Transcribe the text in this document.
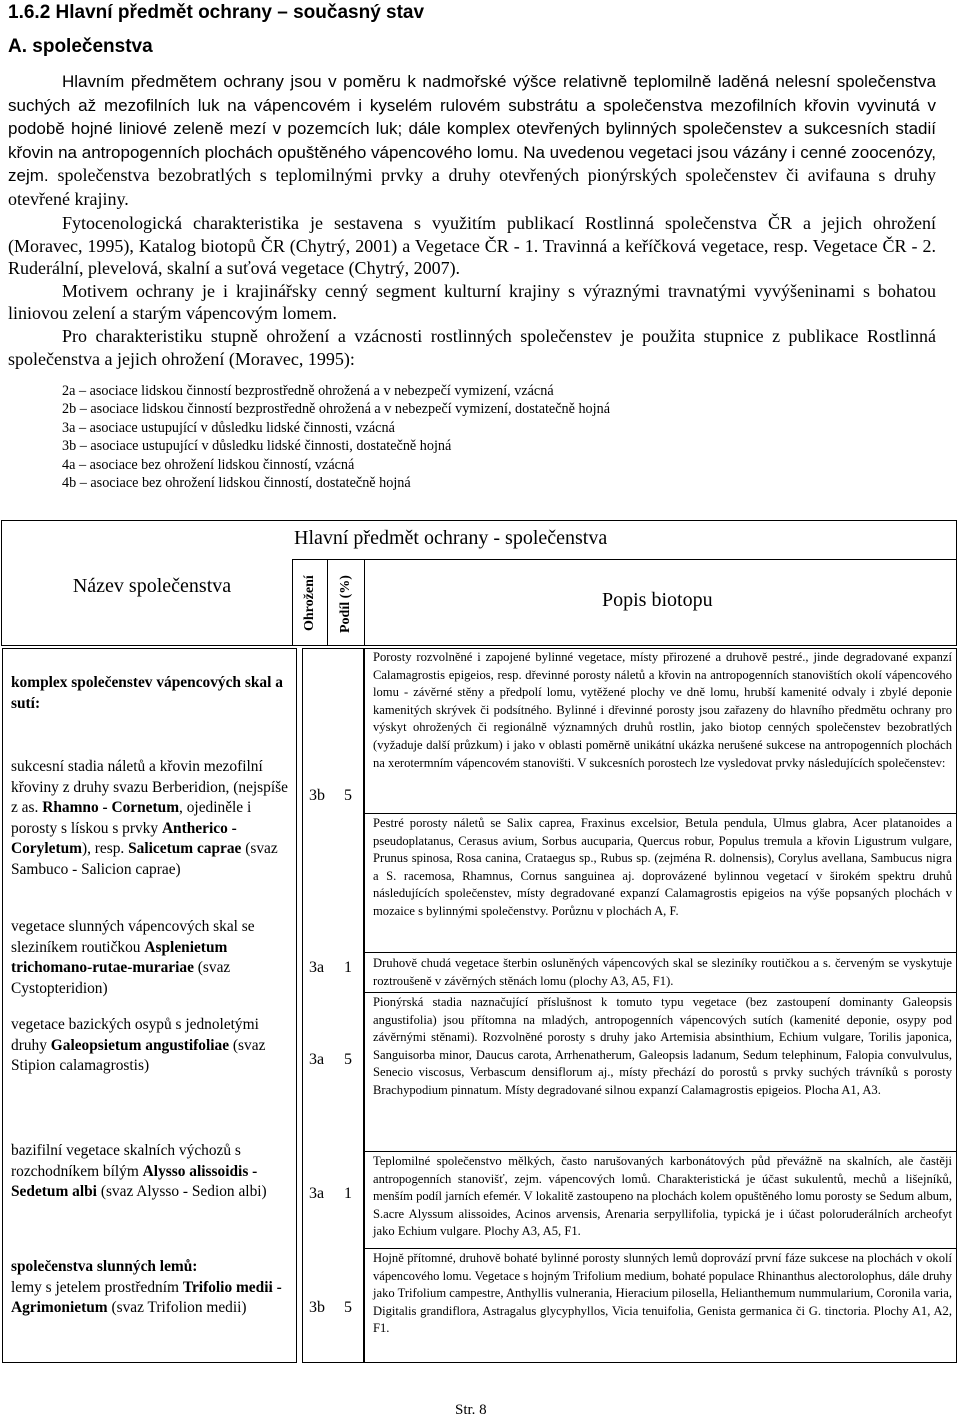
1.6.2 Hlavní předmět ochrany – současný stav
A. společenstva

Hlavním předmětem ochrany jsou v poměru k nadmořské výšce relativně teplomilně laděná nelesní společenstva suchých až mezofilních luk na vápencovém i kyselém rulovém substrátu a společenstva mezofilních křovin vyvinutá v podobě hojné liniové zeleně mezí v pozemcích luk; dále komplex otevřených bylinných společenstev a sukcesních stadií křovin na antropogenních plochách opuštěného vápencového lomu. Na uvedenou vegetaci jsou vázány i cenné zoocenózy, zejm. společenstva bezobratlých s teplomilnými prvky a druhy otevřených pionýrských společenstev či avifauna s druhy otevřené krajiny.

Fytocenologická charakteristika je sestavena s využitím publikací Rostlinná společenstva ČR a jejich ohrožení (Moravec, 1995), Katalog biotopů ČR (Chytrý, 2001) a Vegetace ČR - 1. Travinná a keříčková vegetace, resp. Vegetace ČR - 2. Ruderální, plevelová, skalní a suťová vegetace (Chytrý, 2007).

Motivem ochrany je i krajinářsky cenný segment kulturní krajiny s výraznými travnatými vyvýšeninami s bohatou liniovou zelení a starým vápencovým lomem.

Pro charakteristiku stupně ohrožení a vzácnosti rostlinných společenstev je použita stupnice z publikace Rostlinná společenstva a jejich ohrožení (Moravec, 1995):

2a – asociace lidskou činností bezprostředně ohrožená a v nebezpečí vymizení, vzácná
2b – asociace lidskou činností bezprostředně ohrožená a v nebezpečí vymizení, dostatečně hojná
3a – asociace ustupující v důsledku lidské činnosti, vzácná
3b – asociace ustupující v důsledku lidské činnosti, dostatečně hojná
4a – asociace bez ohrožení lidskou činností, vzácná
4b – asociace bez ohrožení lidskou činností, dostatečně hojná
Hlavní předmět ochrany - společenstva
Název společenstva	Ohrožení Podíl (%)	Popis biotopu
komplex společenstev vápencových skal a sutí:
sukcesní stadia náletů a křovin mezofilní křoviny z druhy svazu Berberidion, (nejspíše z as. Rhamno - Cornetum, ojediněle i porosty s lískou s prvky Antherico - Coryletum), resp. Salicetum caprae (svaz Sambuco - Salicion caprae)
vegetace slunných vápencových skal se sleziníkem routičkou Asplenietum trichomano-rutae-murariae (svaz Cystopteridion)
vegetace bazických osypů s jednoletými druhy Galeopsietum angustifoliae (svaz Stipion calamagrostis)
bazifilní vegetace skalních výchozů s rozchodníkem bílým Alysso alissoidis - Sedetum albi (svaz Alysso - Sedion albi)
společenstva slunných lemů:
lemy s jetelem prostředním Trifolio medii - Agrimonietum (svaz Trifolion medii)
3b 5
3a 1
3a 5
3a 1
3b 5
Porosty rozvolněné i zapojené bylinné vegetace, místy přirozené a druhově pestré., jinde degradované expanzí Calamagrostis epigeios, resp. dřevinné porosty náletů a křovin na antropogenních stanovištích okolí vápencového lomu - závěrné stěny a předpolí lomu, vytěžené plochy ve dně lomu, hrubší kamenité odvaly i zbylé deponie kamenitých skrývek či podsítného. Bylinné i dřevinné porosty jsou zařazeny do hlavního předmětu ochrany pro výskyt ohrožených či regionálně významných druhů rostlin, jako biotop cenných společenstev bezobratlých (vyžaduje další průzkum) i jako v oblasti poměrně unikátní ukázka nerušené sukcese na antropogenních plochách na xerotermním vápencovém stanovišti. V sukcesních porostech lze vysledovat prvky následujících společenstev:
Pestré porosty náletů se Salix caprea, Fraxinus excelsior, Betula pendula, Ulmus glabra, Acer platanoides a pseudoplatanus, Cerasus avium, Sorbus aucuparia, Quercus robur, Populus tremula a křovin Ligustrum vulgare, Prunus spinosa, Rosa canina, Crataegus sp., Rubus sp. (zejména R. dolnensis), Corylus avellana, Sambucus nigra a S. racemosa, Rhamnus, Cornus sanguinea aj. doprovázené bylinnou vegetací v širokém spektru druhů následujících společenstev, místy degradované expanzí Calamagrostis epigeios na výše popsaných plochách v mozaice s bylinnými společenstvy. Porůznu v plochách A, F.
Druhově chudá vegetace šterbin osluněných vápencových skal se sleziníky routičkou a s. červeným se vyskytuje roztroušeně v závěrných stěnách lomu (plochy A3, A5, F1).
Pionýrská stadia naznačující příslušnost k tomuto typu vegetace (bez zastoupení dominanty Galeopsis angustifolia) jsou přítomna na mladých, antropogenních vápencových sutích (kamenité deponie, osypy pod závěrnými stěnami). Rozvolněné porosty s druhy jako Artemisia absinthium, Echium vulgare, Torilis japonica, Sanguisorba minor, Daucus carota, Arrhenatherum, Galeopsis ladanum, Sedum telephinum, Falopia convulvulus, Senecio viscosus, Verbascum densiflorum aj., místy přechází do porostů s prvky suchých trávníků s porosty Brachypodium pinnatum. Místy degradované silnou expanzí Calamagrostis epigeios. Plocha A1, A3.
Teplomilné společenstvo mělkých, často narušovaných karbonátových půd převážně na skalních, ale častěji antropogenních stanovišť, zejm. vápencových lomů. Charakteristická je účast sukulentů, mechů a lišejníků, menším podíl jarních efemér. V lokalitě zastoupeno na plochách kolem opuštěného lomu porosty se Sedum album, S.acre Alyssum alissoides, Acinos arvensis, Arenaria serpyllifolia, typická je i účast poloruderálních archeofyt jako Echium vulgare. Plochy A3, A5, F1.
Hojně přítomné, druhově bohaté bylinné porosty slunných lemů doprovází první fáze sukcese na plochách v okolí vápencového lomu. Vegetace s hojným Trifolium medium, bohaté populace Rhinanthus alectorolophus, dále druhy jako Trifolium campestre, Anthyllis vulnerania, Hieracium pilosella, Helianthemum nummularium, Coronila varia, Digitalis grandiflora, Astragalus glycyphyllos, Vicia tenuifolia, Genista germanica či G. tinctoria. Plochy A1, A2, F1.
Str. 8
